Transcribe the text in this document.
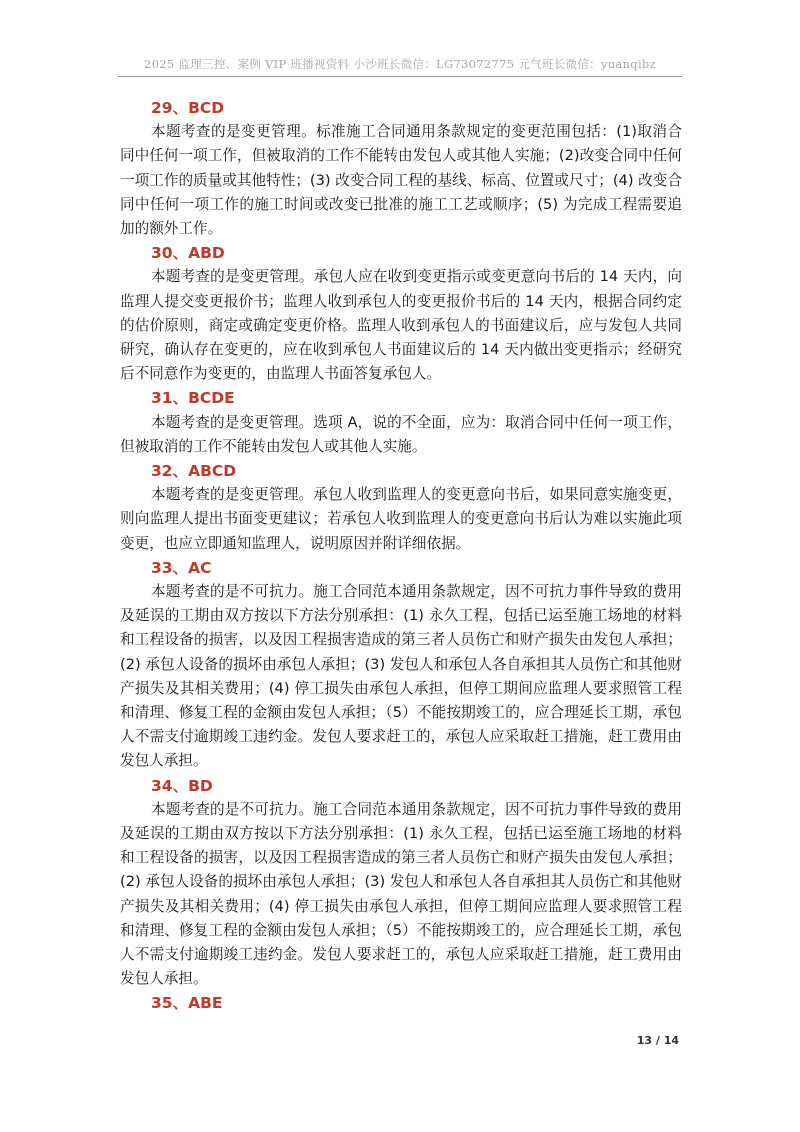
2025 监理三控、案例 VIP 班播视资料 小沙班长微信：LG73072775 元气班长微信：yuanqibz
29、BCD

本题考查的是变更管理。标准施工合同通用条款规定的变更范围包括：(1)取消合同中任何一项工作，但被取消的工作不能转由发包人或其他人实施；(2)改变合同中任何一项工作的质量或其他特性；(3) 改变合同工程的基线、标高、位置或尺寸；(4) 改变合同中任何一项工作的施工时间或改变已批准的施工工艺或顺序；(5) 为完成工程需要追加的额外工作。

30、ABD

本题考查的是变更管理。承包人应在收到变更指示或变更意向书后的 14 天内，向监理人提交变更报价书；监理人收到承包人的变更报价书后的 14 天内，根据合同约定的估价原则，商定或确定变更价格。监理人收到承包人的书面建议后，应与发包人共同研究，确认存在变更的，应在收到承包人书面建议后的 14 天内做出变更指示；经研究后不同意作为变更的，由监理人书面答复承包人。

31、BCDE

本题考查的是变更管理。选项 A，说的不全面，应为：取消合同中任何一项工作，但被取消的工作不能转由发包人或其他人实施。

32、ABCD

本题考查的是变更管理。承包人收到监理人的变更意向书后，如果同意实施变更，则向监理人提出书面变更建议；若承包人收到监理人的变更意向书后认为难以实施此项变更，也应立即通知监理人，说明原因并附详细依据。

33、AC

本题考查的是不可抗力。施工合同范本通用条款规定，因不可抗力事件导致的费用及延误的工期由双方按以下方法分别承担：(1) 永久工程，包括已运至施工场地的材料和工程设备的损害，以及因工程损害造成的第三者人员伤亡和财产损失由发包人承担；(2) 承包人设备的损坏由承包人承担；(3) 发包人和承包人各自承担其人员伤亡和其他财产损失及其相关费用；(4) 停工损失由承包人承担，但停工期间应监理人要求照管工程和清理、修复工程的金额由发包人承担；（5）不能按期竣工的，应合理延长工期，承包人不需支付逾期竣工违约金。发包人要求赶工的，承包人应采取赶工措施，赶工费用由发包人承担。

34、BD

本题考查的是不可抗力。施工合同范本通用条款规定，因不可抗力事件导致的费用及延误的工期由双方按以下方法分别承担：(1) 永久工程，包括已运至施工场地的材料和工程设备的损害，以及因工程损害造成的第三者人员伤亡和财产损失由发包人承担；(2) 承包人设备的损坏由承包人承担；(3) 发包人和承包人各自承担其人员伤亡和其他财产损失及其相关费用；(4) 停工损失由承包人承担，但停工期间应监理人要求照管工程和清理、修复工程的金额由发包人承担；（5）不能按期竣工的，应合理延长工期，承包人不需支付逾期竣工违约金。发包人要求赶工的，承包人应采取赶工措施，赶工费用由发包人承担。

35、ABE
13 / 14
